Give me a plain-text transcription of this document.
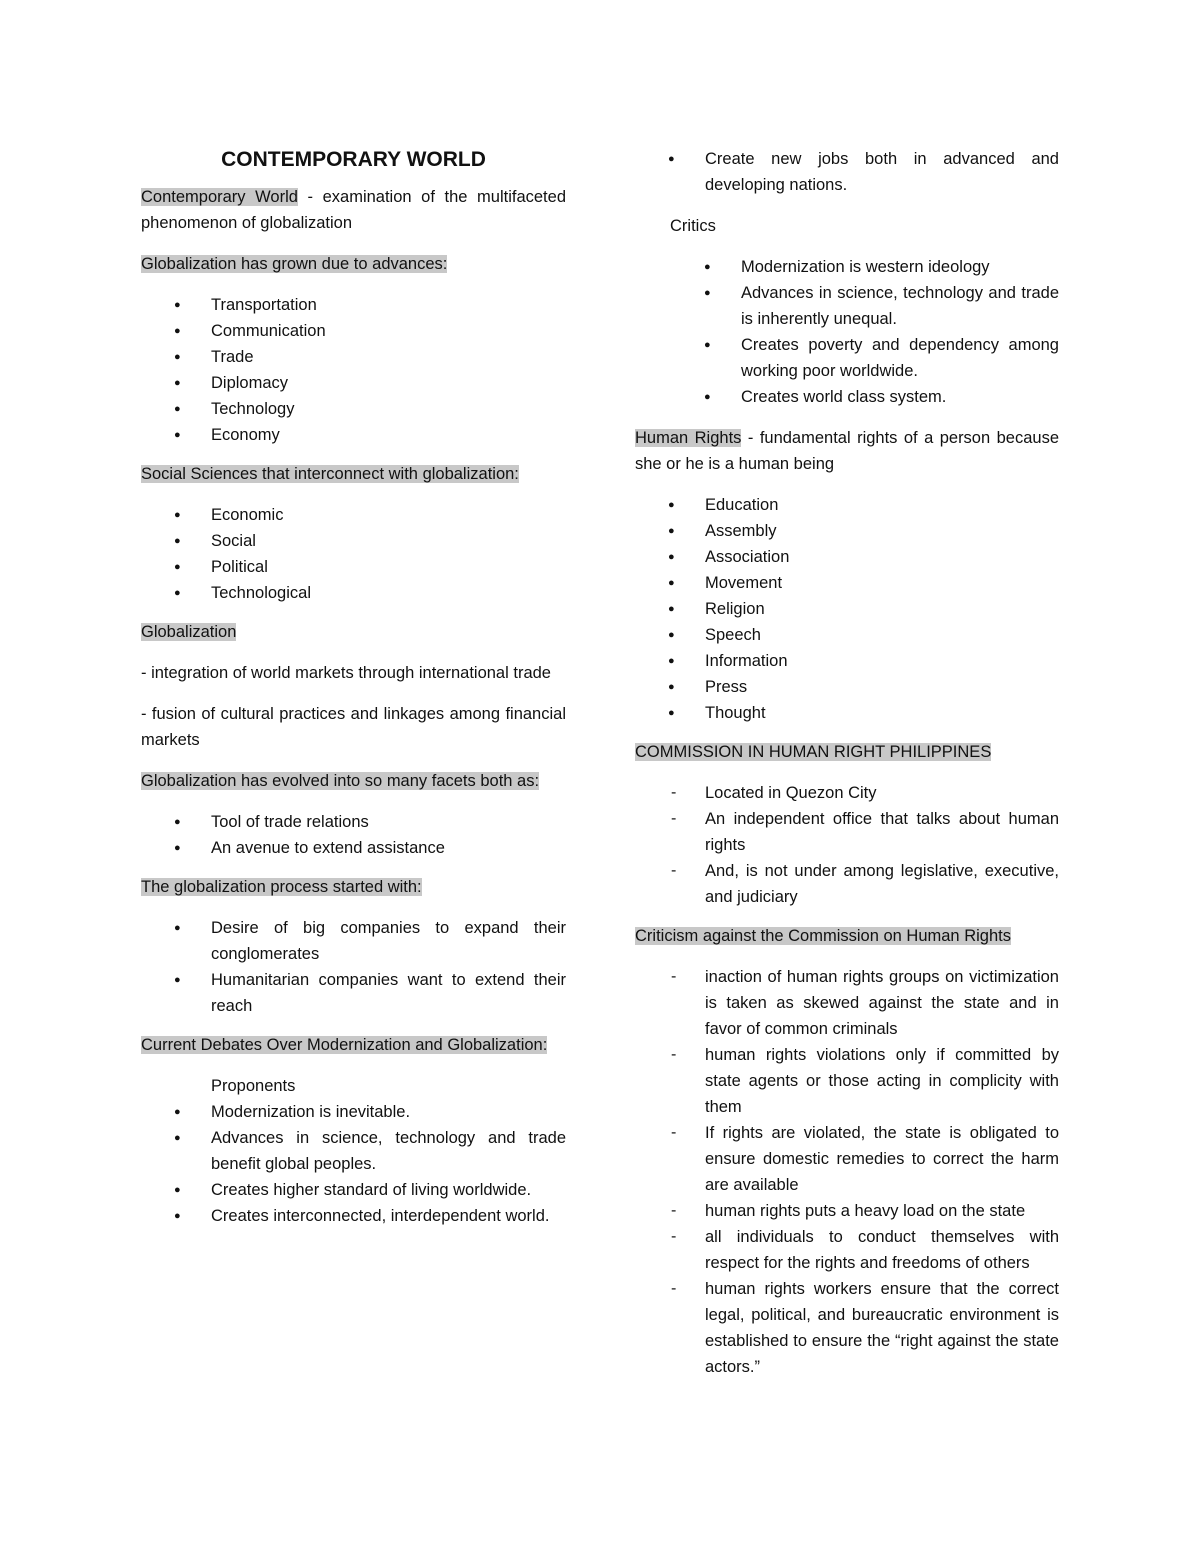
CONTEMPORARY WORLD

Contemporary World - examination of the multifaceted phenomenon of globalization

Globalization has grown due to advances:

● Transportation
● Communication
● Trade
● Diplomacy
● Technology
● Economy

Social Sciences that interconnect with globalization:

● Economic
● Social
● Political
● Technological

Globalization

- integration of world markets through international trade

- fusion of cultural practices and linkages among financial markets

Globalization has evolved into so many facets both as:

● Tool of trade relations
● An avenue to extend assistance

The globalization process started with:

● Desire of big companies to expand their conglomerates
● Humanitarian companies want to extend their reach

Current Debates Over Modernization and Globalization:

Proponents
● Modernization is inevitable.
● Advances in science, technology and trade benefit global peoples.
● Creates higher standard of living worldwide.
● Creates interconnected, interdependent world.
● Create new jobs both in advanced and developing nations.
Critics
● Modernization is western ideology
● Advances in science, technology and trade is inherently unequal.
● Creates poverty and dependency among working poor worldwide.
● Creates world class system.

Human Rights - fundamental rights of a person because she or he is a human being

● Education
● Assembly
● Association
● Movement
● Religion
● Speech
● Information
● Press
● Thought

COMMISSION IN HUMAN RIGHT PHILIPPINES

- Located in Quezon City
- An independent office that talks about human rights
- And, is not under among legislative, executive, and judiciary

Criticism against the Commission on Human Rights

- inaction of human rights groups on victimization is taken as skewed against the state and in favor of common criminals
- human rights violations only if committed by state agents or those acting in complicity with them
- If rights are violated, the state is obligated to ensure domestic remedies to correct the harm are available
- human rights puts a heavy load on the state
- all individuals to conduct themselves with respect for the rights and freedoms of others
- human rights workers ensure that the correct legal, political, and bureaucratic environment is established to ensure the “right against the state actors.”
